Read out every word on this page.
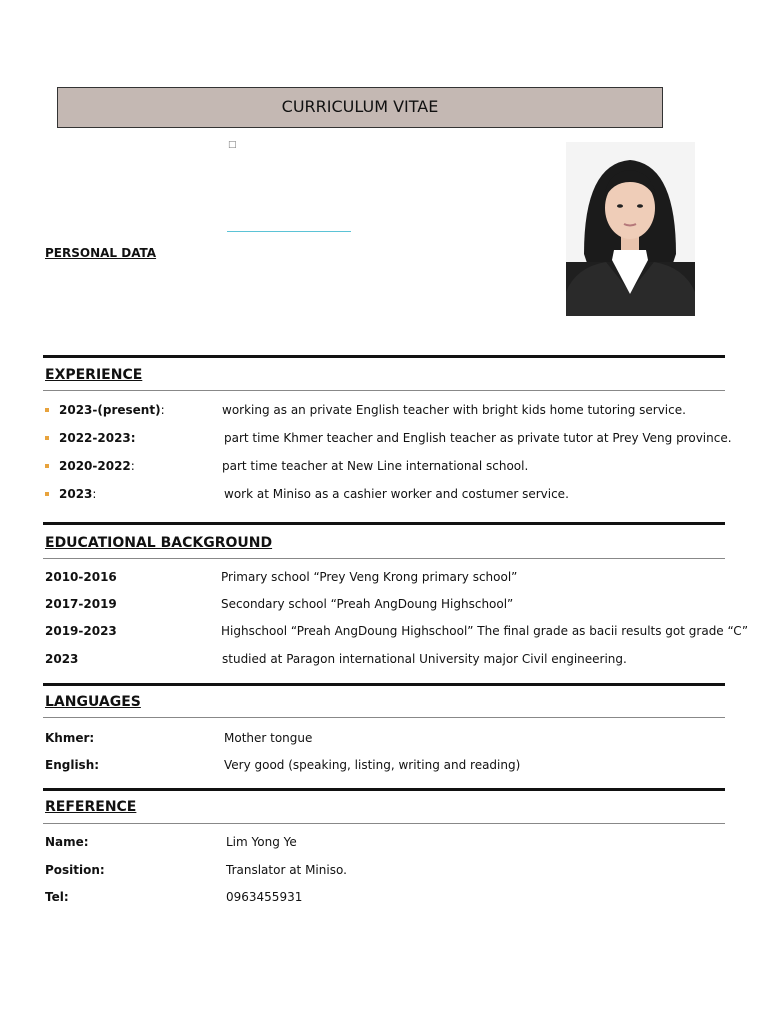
CURRICULUM VITAE
□
PERSONAL DATA
EXPERIENCE
2023-(present):	working as an private English teacher with bright kids home tutoring service.
2022-2023:	part time Khmer teacher and English teacher as private tutor at Prey Veng province.
2020-2022:	part time teacher at New Line international school.
2023:	work at Miniso as a cashier worker and costumer service.
EDUCATIONAL BACKGROUND
2010-2016	Primary school “Prey Veng Krong primary school”
2017-2019	Secondary school “Preah AngDoung Highschool”
2019-2023	Highschool “Preah AngDoung Highschool” The final grade as bacii results got grade “C”
2023	studied at Paragon international University major Civil engineering.
LANGUAGES
Khmer:	Mother tongue
English:	Very good (speaking, listing, writing and reading)
REFERENCE
Name:	Lim Yong Ye
Position:	Translator at Miniso.
Tel:	0963455931
